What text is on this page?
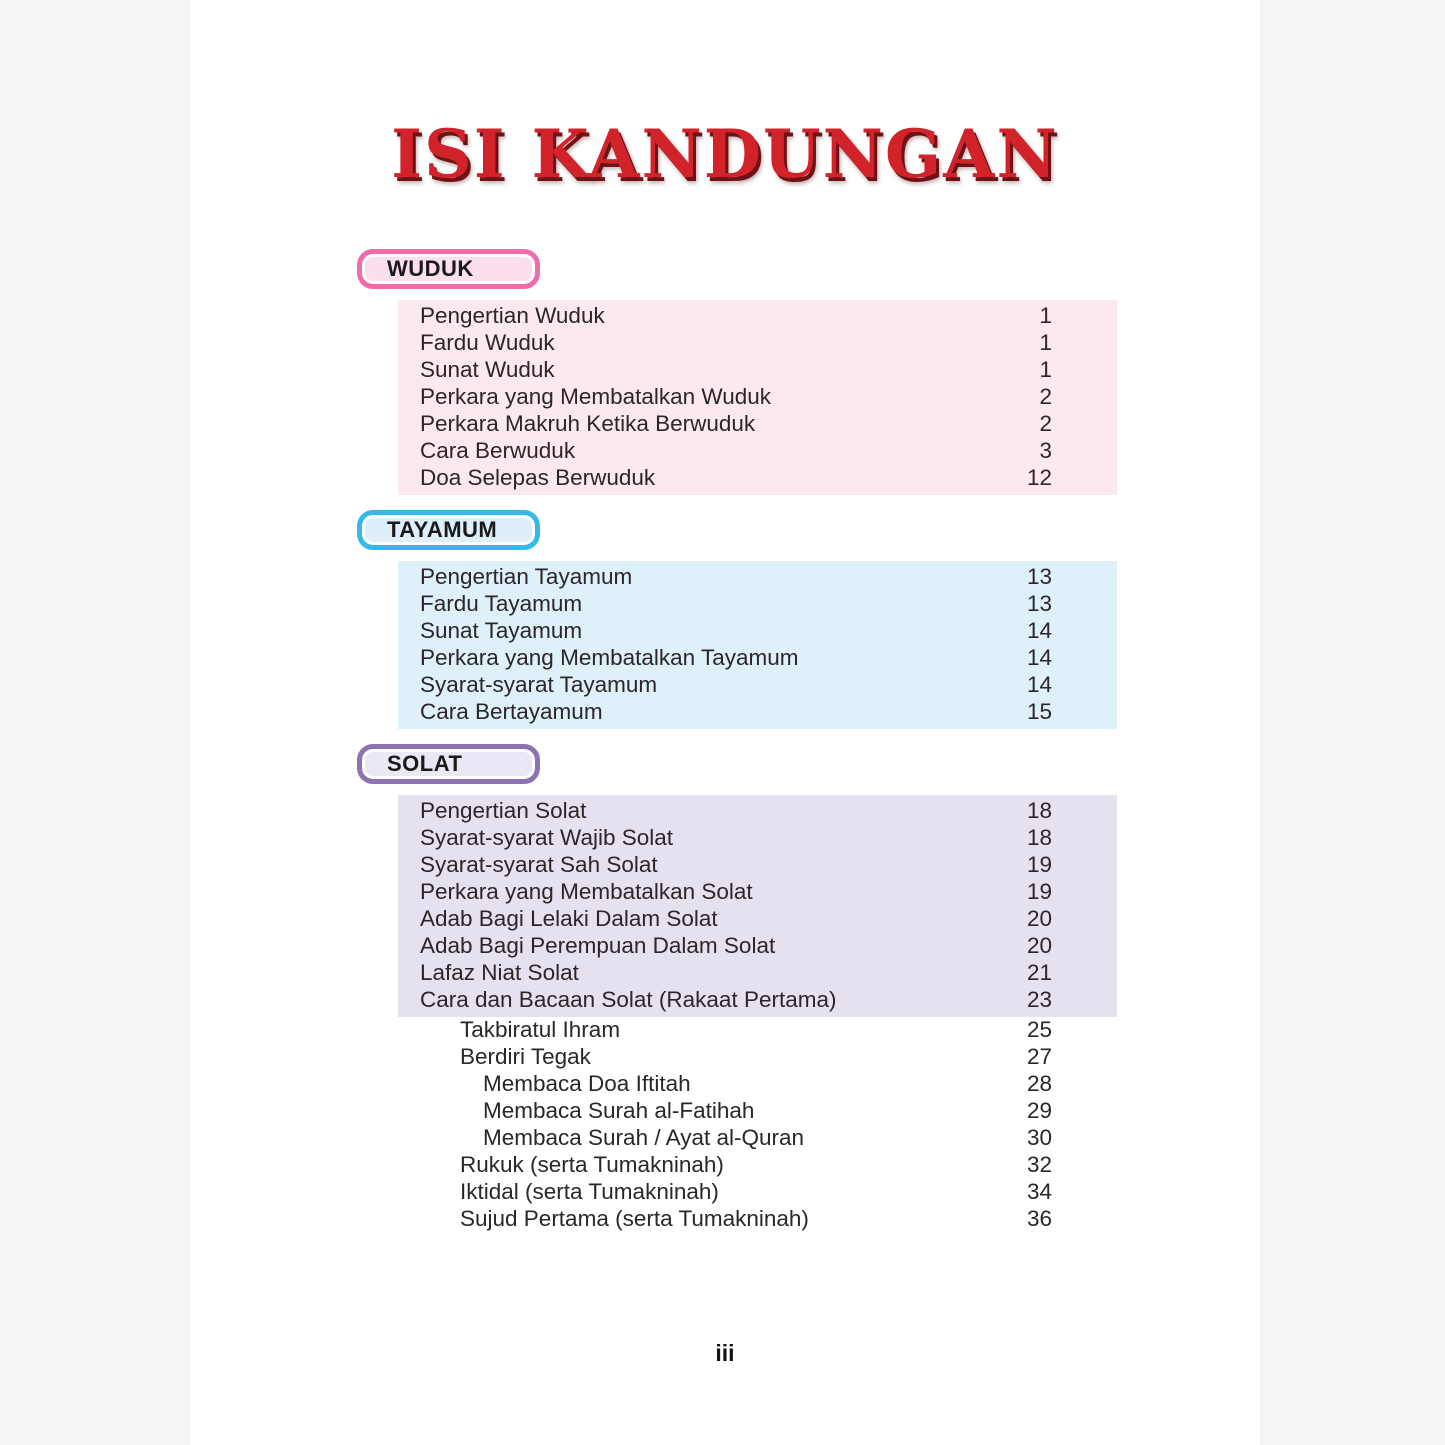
ISI KANDUNGAN
WUDUK
Pengertian Wuduk	1
Fardu Wuduk	1
Sunat Wuduk	1
Perkara yang Membatalkan Wuduk	2
Perkara Makruh Ketika Berwuduk	2
Cara Berwuduk	3
Doa Selepas Berwuduk	12
TAYAMUM
Pengertian Tayamum	13
Fardu Tayamum	13
Sunat Tayamum	14
Perkara yang Membatalkan Tayamum	14
Syarat-syarat Tayamum	14
Cara Bertayamum	15
SOLAT
Pengertian Solat	18
Syarat-syarat Wajib Solat	18
Syarat-syarat Sah Solat	19
Perkara yang Membatalkan Solat	19
Adab Bagi Lelaki Dalam Solat	20
Adab Bagi Perempuan Dalam Solat	20
Lafaz Niat Solat	21
Cara dan Bacaan Solat (Rakaat Pertama)	23
Takbiratul Ihram	25
Berdiri Tegak	27
Membaca Doa Iftitah	28
Membaca Surah al-Fatihah	29
Membaca Surah / Ayat al-Quran	30
Rukuk (serta Tumakninah)	32
Iktidal (serta Tumakninah)	34
Sujud Pertama (serta Tumakninah)	36
iii
